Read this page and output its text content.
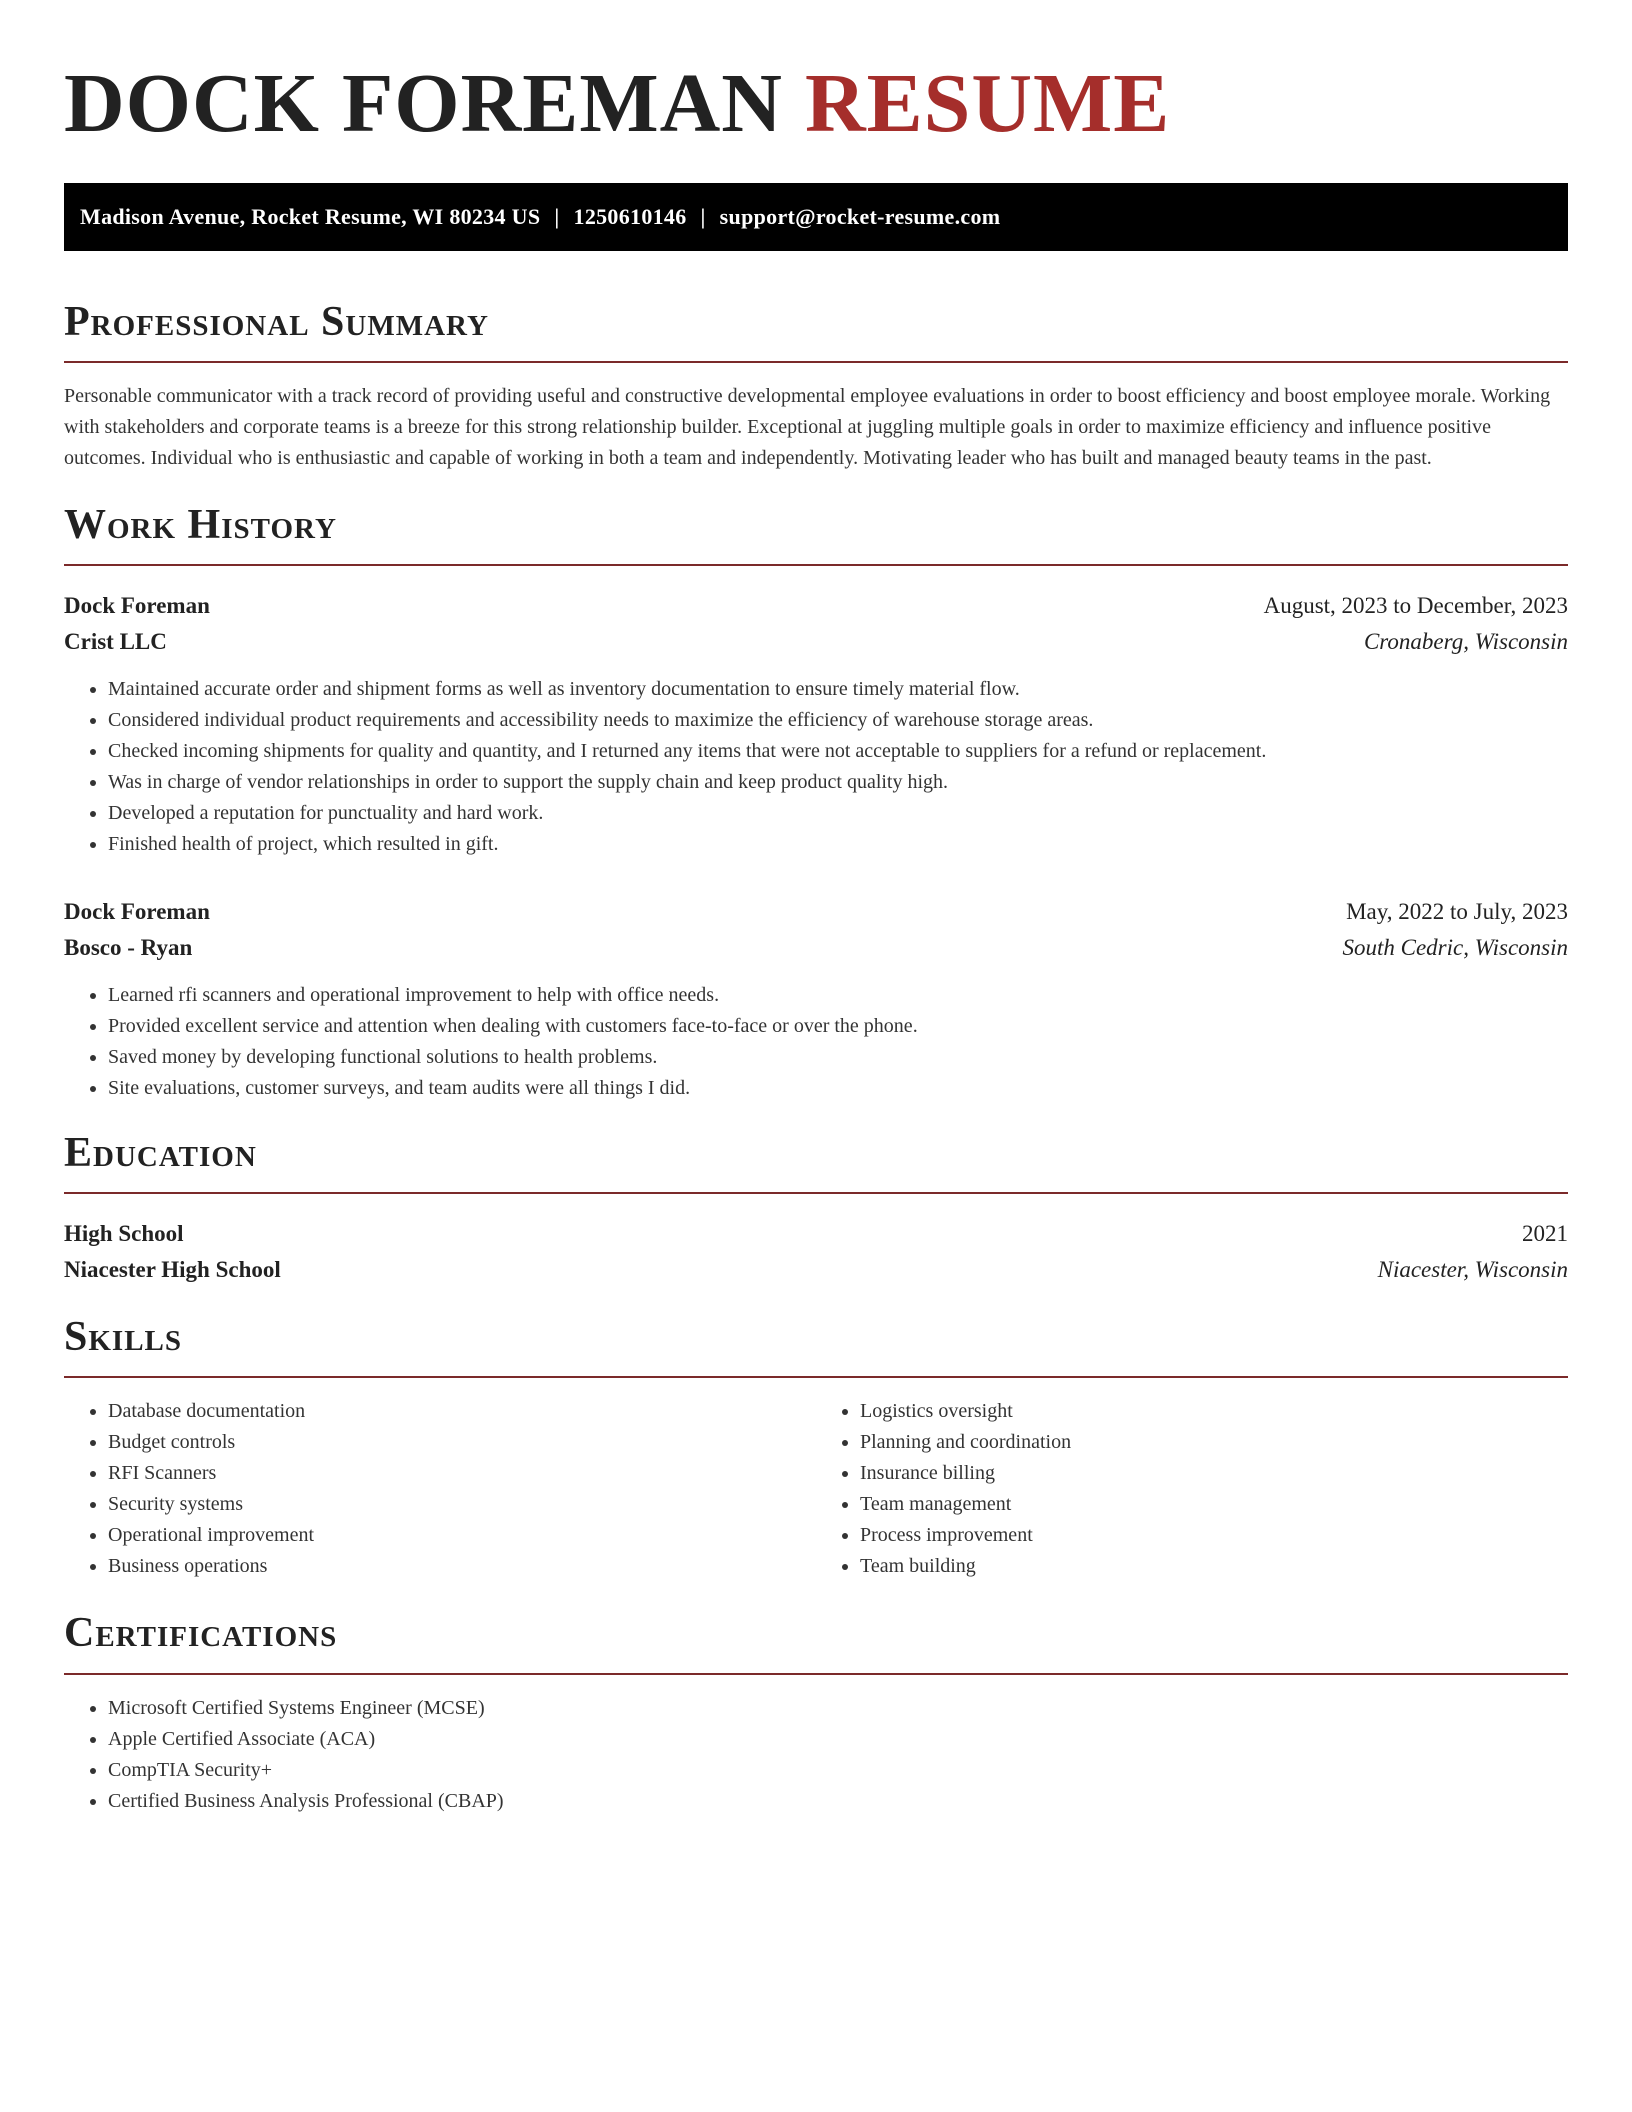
DOCK FOREMAN RESUME
Madison Avenue, Rocket Resume, WI 80234 US | 1250610146 | support@rocket-resume.com
Professional Summary

Personable communicator with a track record of providing useful and constructive developmental employee evaluations in order to boost efficiency and boost employee morale. Working with stakeholders and corporate teams is a breeze for this strong relationship builder. Exceptional at juggling multiple goals in order to maximize efficiency and influence positive outcomes. Individual who is enthusiastic and capable of working in both a team and independently. Motivating leader who has built and managed beauty teams in the past.

Work History
Dock Foreman	August, 2023 to December, 2023
Crist LLC	Cronaberg, Wisconsin
• Maintained accurate order and shipment forms as well as inventory documentation to ensure timely material flow.
• Considered individual product requirements and accessibility needs to maximize the efficiency of warehouse storage areas.
• Checked incoming shipments for quality and quantity, and I returned any items that were not acceptable to suppliers for a refund or replacement.
• Was in charge of vendor relationships in order to support the supply chain and keep product quality high.
• Developed a reputation for punctuality and hard work.
• Finished health of project, which resulted in gift.
Dock Foreman	May, 2022 to July, 2023
Bosco - Ryan	South Cedric, Wisconsin
• Learned rfi scanners and operational improvement to help with office needs.
• Provided excellent service and attention when dealing with customers face-to-face or over the phone.
• Saved money by developing functional solutions to health problems.
• Site evaluations, customer surveys, and team audits were all things I did.
Education
High School	2021
Niacester High School	Niacester, Wisconsin
Skills
• Database documentation
• Budget controls
• RFI Scanners
• Security systems
• Operational improvement
• Business operations
• Logistics oversight
• Planning and coordination
• Insurance billing
• Team management
• Process improvement
• Team building
Certifications
• Microsoft Certified Systems Engineer (MCSE)
• Apple Certified Associate (ACA)
• CompTIA Security+
• Certified Business Analysis Professional (CBAP)
